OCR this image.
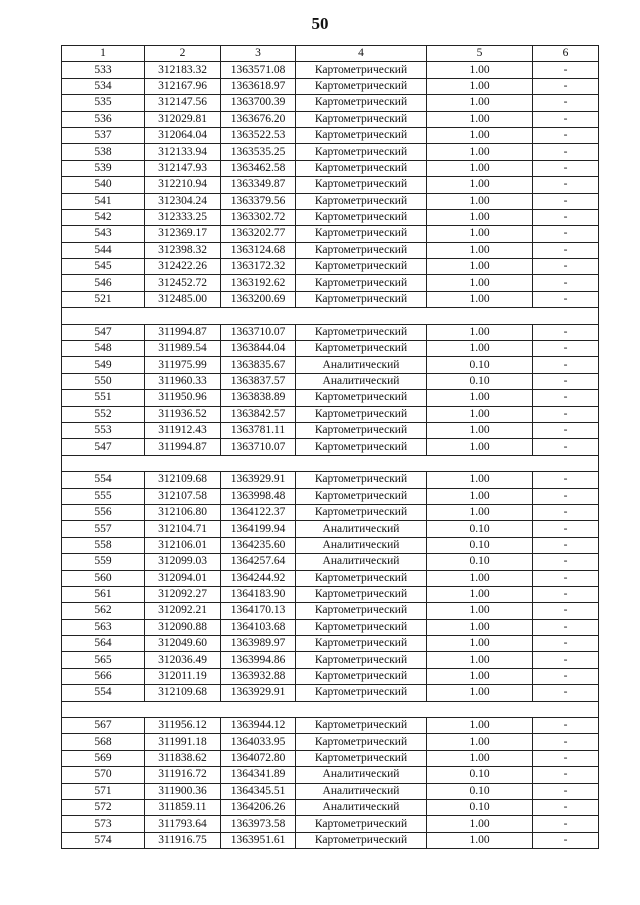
50
1	2	3	4	5	6
533	312183.32	1363571.08	Картометрический	1.00	-
534	312167.96	1363618.97	Картометрический	1.00	-
535	312147.56	1363700.39	Картометрический	1.00	-
536	312029.81	1363676.20	Картометрический	1.00	-
537	312064.04	1363522.53	Картометрический	1.00	-
538	312133.94	1363535.25	Картометрический	1.00	-
539	312147.93	1363462.58	Картометрический	1.00	-
540	312210.94	1363349.87	Картометрический	1.00	-
541	312304.24	1363379.56	Картометрический	1.00	-
542	312333.25	1363302.72	Картометрический	1.00	-
543	312369.17	1363202.77	Картометрический	1.00	-
544	312398.32	1363124.68	Картометрический	1.00	-
545	312422.26	1363172.32	Картометрический	1.00	-
546	312452.72	1363192.62	Картометрический	1.00	-
521	312485.00	1363200.69	Картометрический	1.00	-

547	311994.87	1363710.07	Картометрический	1.00	-
548	311989.54	1363844.04	Картометрический	1.00	-
549	311975.99	1363835.67	Аналитический	0.10	-
550	311960.33	1363837.57	Аналитический	0.10	-
551	311950.96	1363838.89	Картометрический	1.00	-
552	311936.52	1363842.57	Картометрический	1.00	-
553	311912.43	1363781.11	Картометрический	1.00	-
547	311994.87	1363710.07	Картометрический	1.00	-

554	312109.68	1363929.91	Картометрический	1.00	-
555	312107.58	1363998.48	Картометрический	1.00	-
556	312106.80	1364122.37	Картометрический	1.00	-
557	312104.71	1364199.94	Аналитический	0.10	-
558	312106.01	1364235.60	Аналитический	0.10	-
559	312099.03	1364257.64	Аналитический	0.10	-
560	312094.01	1364244.92	Картометрический	1.00	-
561	312092.27	1364183.90	Картометрический	1.00	-
562	312092.21	1364170.13	Картометрический	1.00	-
563	312090.88	1364103.68	Картометрический	1.00	-
564	312049.60	1363989.97	Картометрический	1.00	-
565	312036.49	1363994.86	Картометрический	1.00	-
566	312011.19	1363932.88	Картометрический	1.00	-
554	312109.68	1363929.91	Картометрический	1.00	-

567	311956.12	1363944.12	Картометрический	1.00	-
568	311991.18	1364033.95	Картометрический	1.00	-
569	311838.62	1364072.80	Картометрический	1.00	-
570	311916.72	1364341.89	Аналитический	0.10	-
571	311900.36	1364345.51	Аналитический	0.10	-
572	311859.11	1364206.26	Аналитический	0.10	-
573	311793.64	1363973.58	Картометрический	1.00	-
574	311916.75	1363951.61	Картометрический	1.00	-
